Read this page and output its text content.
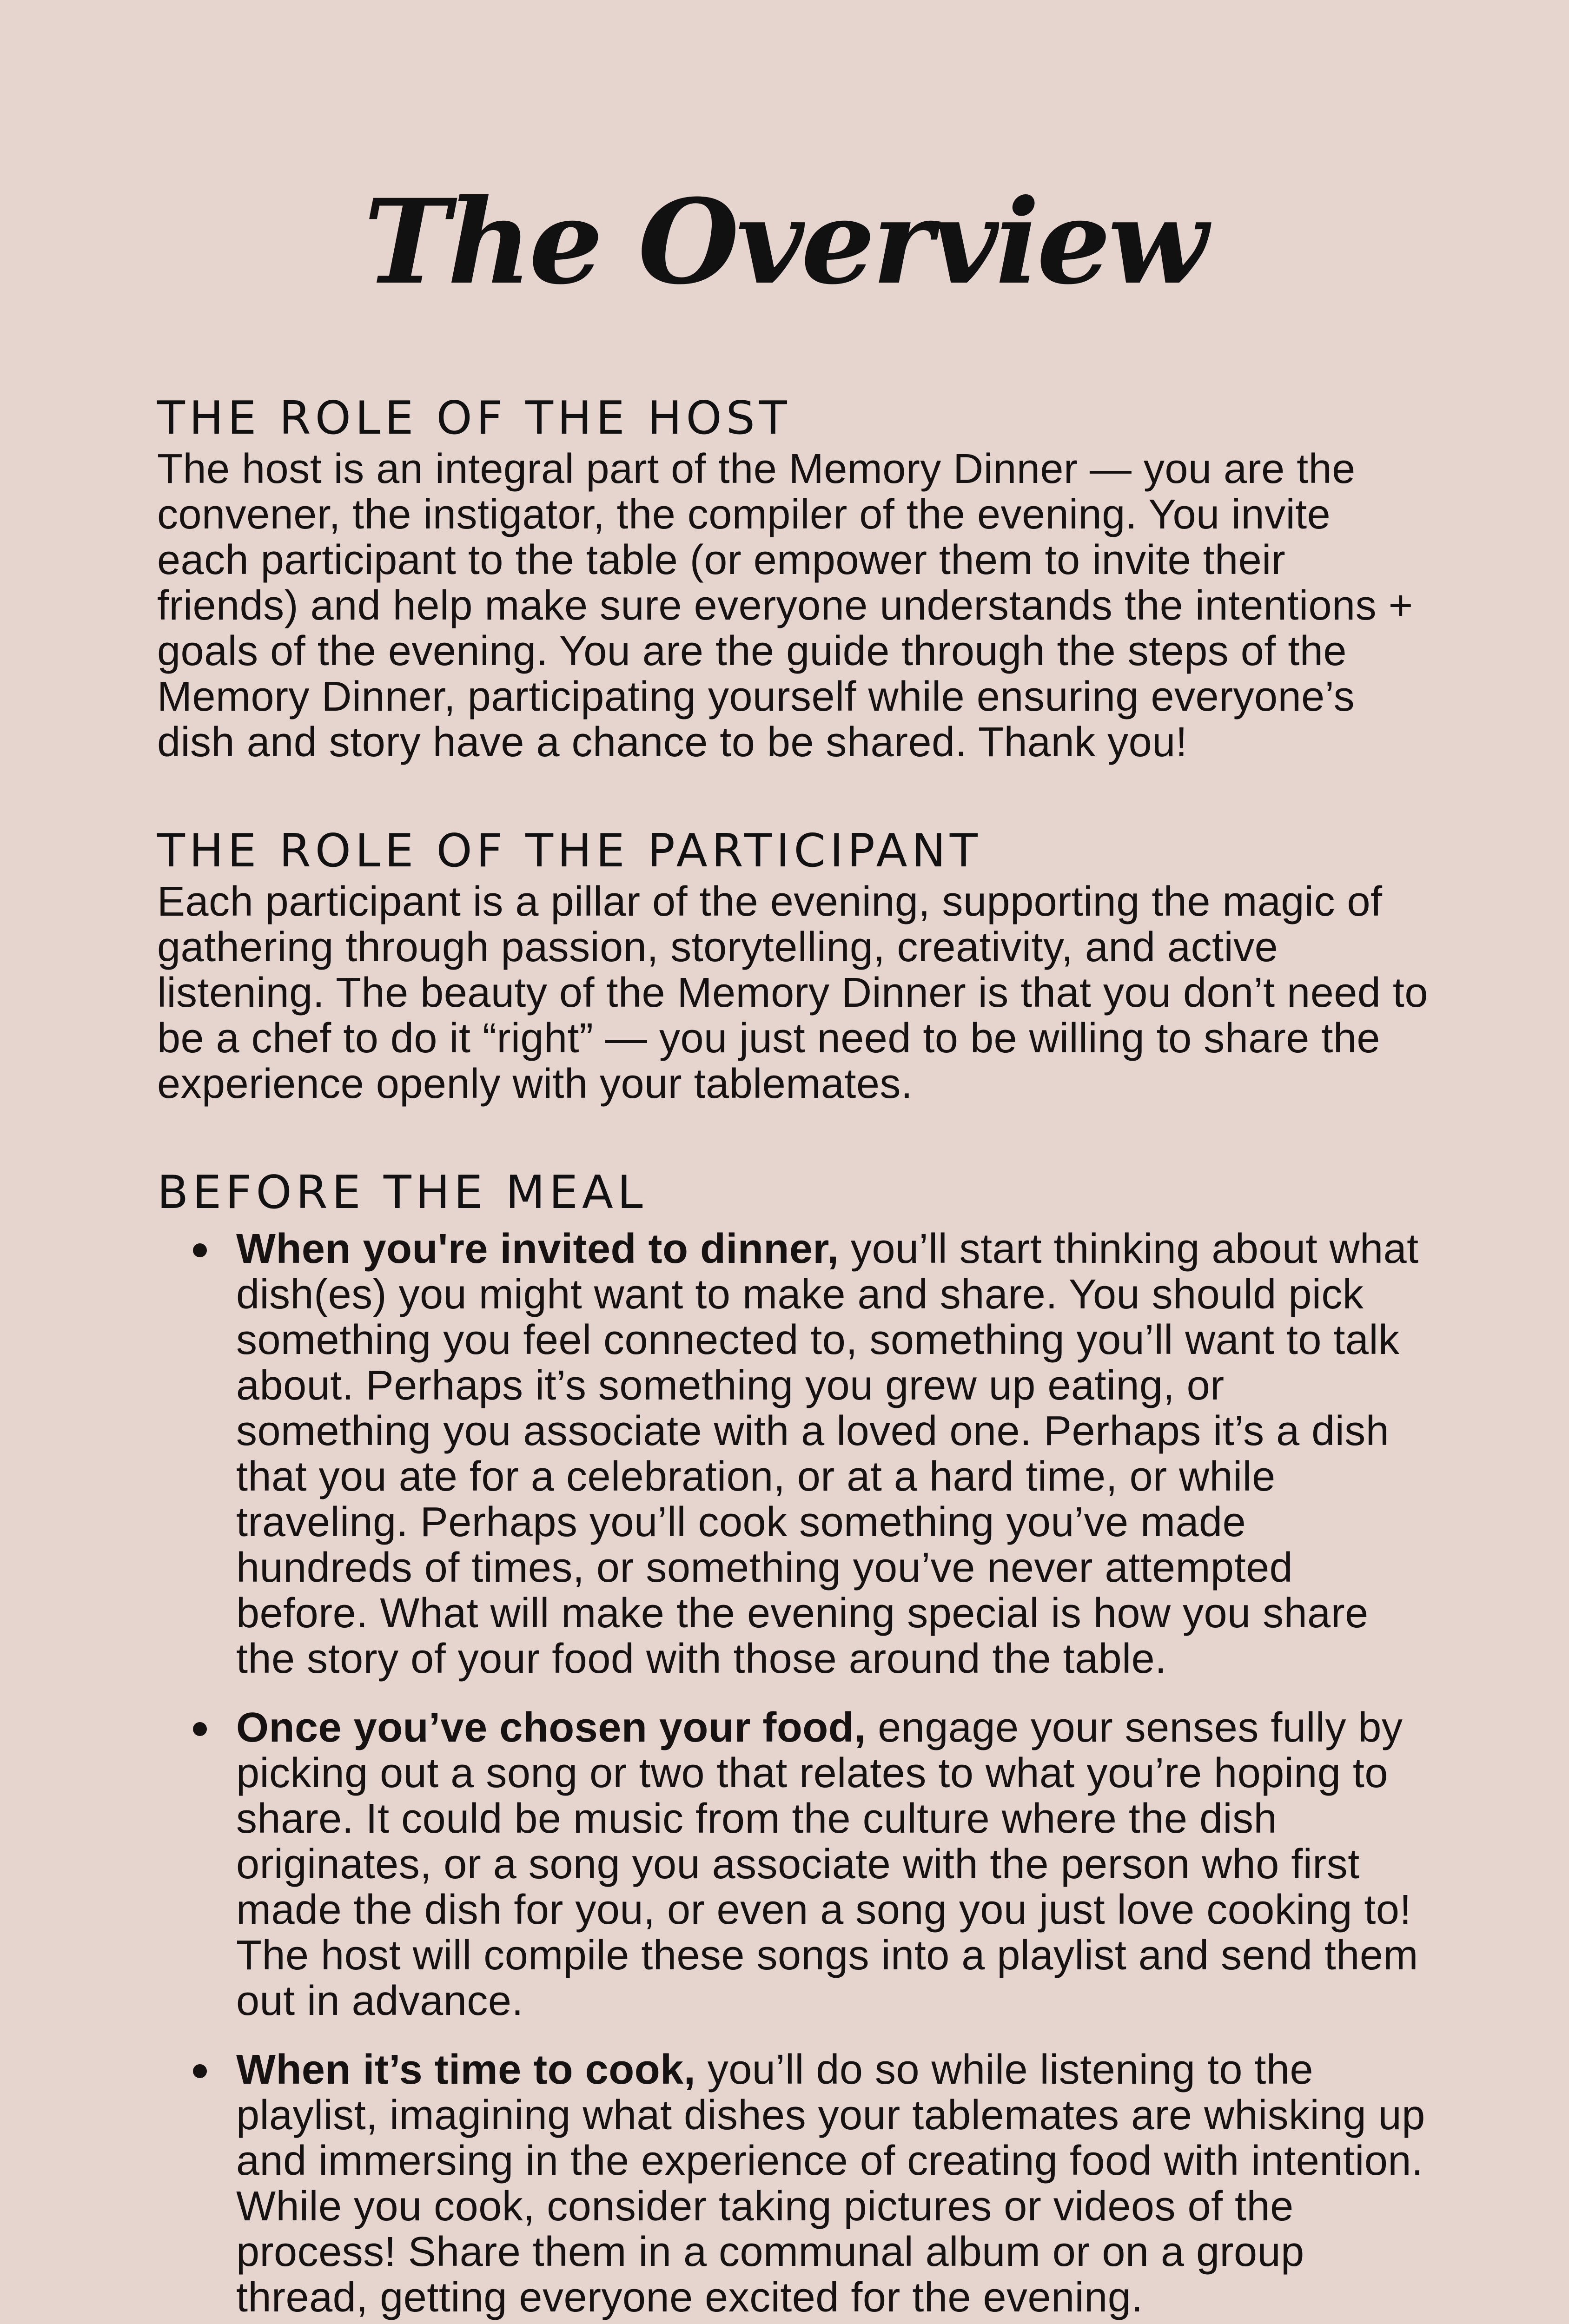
The Overview
THE ROLE OF THE HOST

The host is an integral part of the Memory Dinner — you are the convener, the instigator, the compiler of the evening. You invite each participant to the table (or empower them to invite their friends) and help make sure everyone understands the intentions + goals of the evening. You are the guide through the steps of the Memory Dinner, participating yourself while ensuring everyone’s dish and story have a chance to be shared. Thank you!

THE ROLE OF THE PARTICIPANT

Each participant is a pillar of the evening, supporting the magic of gathering through passion, storytelling, creativity, and active listening. The beauty of the Memory Dinner is that you don’t need to be a chef to do it “right” — you just need to be willing to share the experience openly with your tablemates.

BEFORE THE MEAL
When you're invited to dinner, you’ll start thinking about what dish(es) you might want to make and share. You should pick something you feel connected to, something you’ll want to talk about. Perhaps it’s something you grew up eating, or something you associate with a loved one. Perhaps it’s a dish that you ate for a celebration, or at a hard time, or while traveling. Perhaps you’ll cook something you’ve made hundreds of times, or something you’ve never attempted before. What will make the evening special is how you share the story of your food with those around the table.
Once you’ve chosen your food, engage your senses fully by picking out a song or two that relates to what you’re hoping to share. It could be music from the culture where the dish originates, or a song you associate with the person who first made the dish for you, or even a song you just love cooking to! The host will compile these songs into a playlist and send them out in advance.
When it’s time to cook, you’ll do so while listening to the playlist, imagining what dishes your tablemates are whisking up and immersing in the experience of creating food with intention. While you cook, consider taking pictures or videos of the process! Share them in a communal album or on a group thread, getting everyone excited for the evening.
